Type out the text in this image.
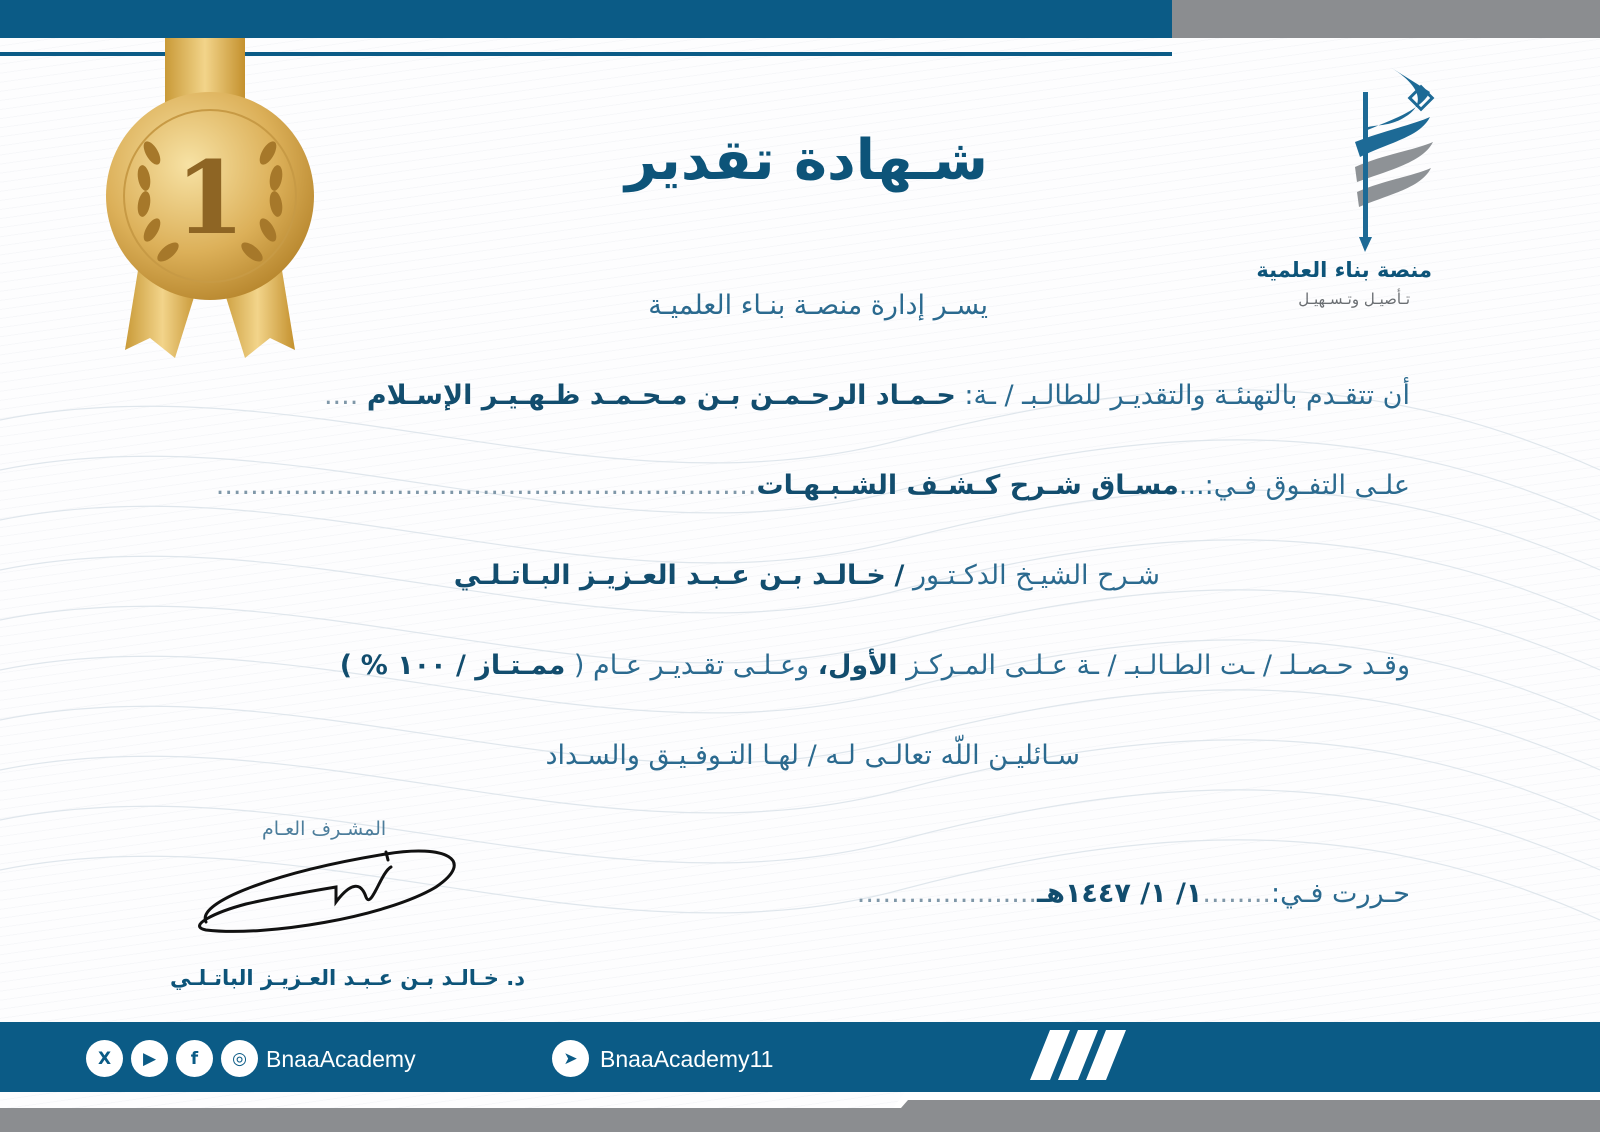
1
منصة بناء العلمية
تـأصيـل وتـسـهيـل
شـهادة تقدير
يسـر إدارة منصـة بنـاء العلميـة
أن تتقـدم بالتهنئـة والتقديـر للطالـبـ / ـة: حـمـاد الرحـمـن بـن مـحـمـد ظـهـيـر الإسـلام ....
علـى التفـوق فـي:...مسـاق شـرح كـشـف الشـبـهـات...............................................................
شـرح الشيـخ الدكـتـور / خـالـد بـن عـبـد العـزيـز البـاتـلـي
وقـد حـصـلـ / ـت الطـالـبـ / ـة عـلـى المـركـز الأول، وعـلـى تقـديـر عـام ( ممـتـاز / ١٠٠ % )
سـائليـن اللّه تعالـى لـه / لهـا التـوفـيـق والسـداد
المشـرف العـام
د. خـالـد بـن عـبـد العـزيـز الباتـلـي
حـررت فـي:........١/ ١/ ١٤٤٧هـ.....................
X	▶	f	◎ BnaaAcademy	➤ BnaaAcademy11
